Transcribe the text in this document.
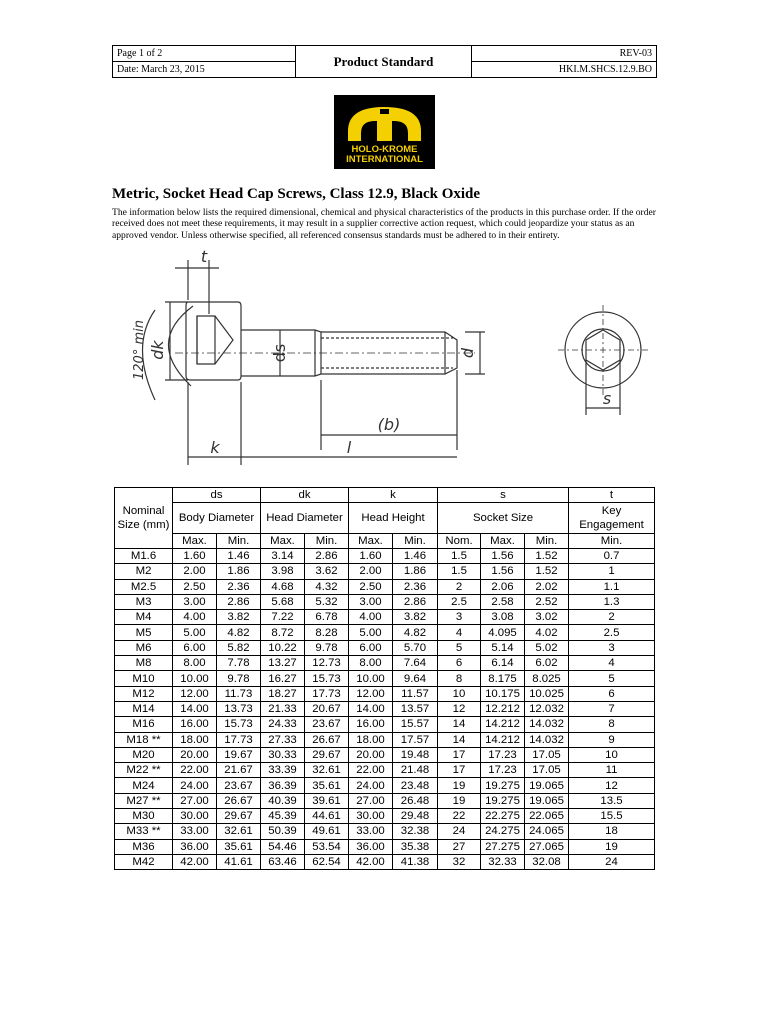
Page 1 of 2	Product Standard	REV-03
Date: March 23, 2015		HKI.M.SHCS.12.9.BO
HOLO-KROME
INTERNATIONAL
Metric, Socket Head Cap Screws, Class 12.9, Black Oxide

The information below lists the required dimensional, chemical and physical characteristics of the products in this purchase order. If the order received does not meet these requirements, it may result in a supplier corrective action request, which could jeopardize your status as an approved vendor. Unless otherwise specified, all referenced consensus standards must be adhered to in their entirety.

t
dk
120° min	ds	d
(b)
l
k
s
Nominal Size (mm)	ds		dk		k		s			t
	Body Diameter		Head Diameter		Head Height		Socket Size			Key Engagement
	Max.	Min.	Max.	Min.	Max.	Min.	Nom.	Max.	Min.	Min.
M1.6	1.60	1.46	3.14	2.86	1.60	1.46	1.5	1.56	1.52	0.7
M2	2.00	1.86	3.98	3.62	2.00	1.86	1.5	1.56	1.52	1
M2.5	2.50	2.36	4.68	4.32	2.50	2.36	2	2.06	2.02	1.1
M3	3.00	2.86	5.68	5.32	3.00	2.86	2.5	2.58	2.52	1.3
M4	4.00	3.82	7.22	6.78	4.00	3.82	3	3.08	3.02	2
M5	5.00	4.82	8.72	8.28	5.00	4.82	4	4.095	4.02	2.5
M6	6.00	5.82	10.22	9.78	6.00	5.70	5	5.14	5.02	3
M8	8.00	7.78	13.27	12.73	8.00	7.64	6	6.14	6.02	4
M10	10.00	9.78	16.27	15.73	10.00	9.64	8	8.175	8.025	5
M12	12.00	11.73	18.27	17.73	12.00	11.57	10	10.175	10.025	6
M14	14.00	13.73	21.33	20.67	14.00	13.57	12	12.212	12.032	7
M16	16.00	15.73	24.33	23.67	16.00	15.57	14	14.212	14.032	8
M18 **	18.00	17.73	27.33	26.67	18.00	17.57	14	14.212	14.032	9
M20	20.00	19.67	30.33	29.67	20.00	19.48	17	17.23	17.05	10
M22 **	22.00	21.67	33.39	32.61	22.00	21.48	17	17.23	17.05	11
M24	24.00	23.67	36.39	35.61	24.00	23.48	19	19.275	19.065	12
M27 **	27.00	26.67	40.39	39.61	27.00	26.48	19	19.275	19.065	13.5
M30	30.00	29.67	45.39	44.61	30.00	29.48	22	22.275	22.065	15.5
M33 **	33.00	32.61	50.39	49.61	33.00	32.38	24	24.275	24.065	18
M36	36.00	35.61	54.46	53.54	36.00	35.38	27	27.275	27.065	19
M42	42.00	41.61	63.46	62.54	42.00	41.38	32	32.33	32.08	24
